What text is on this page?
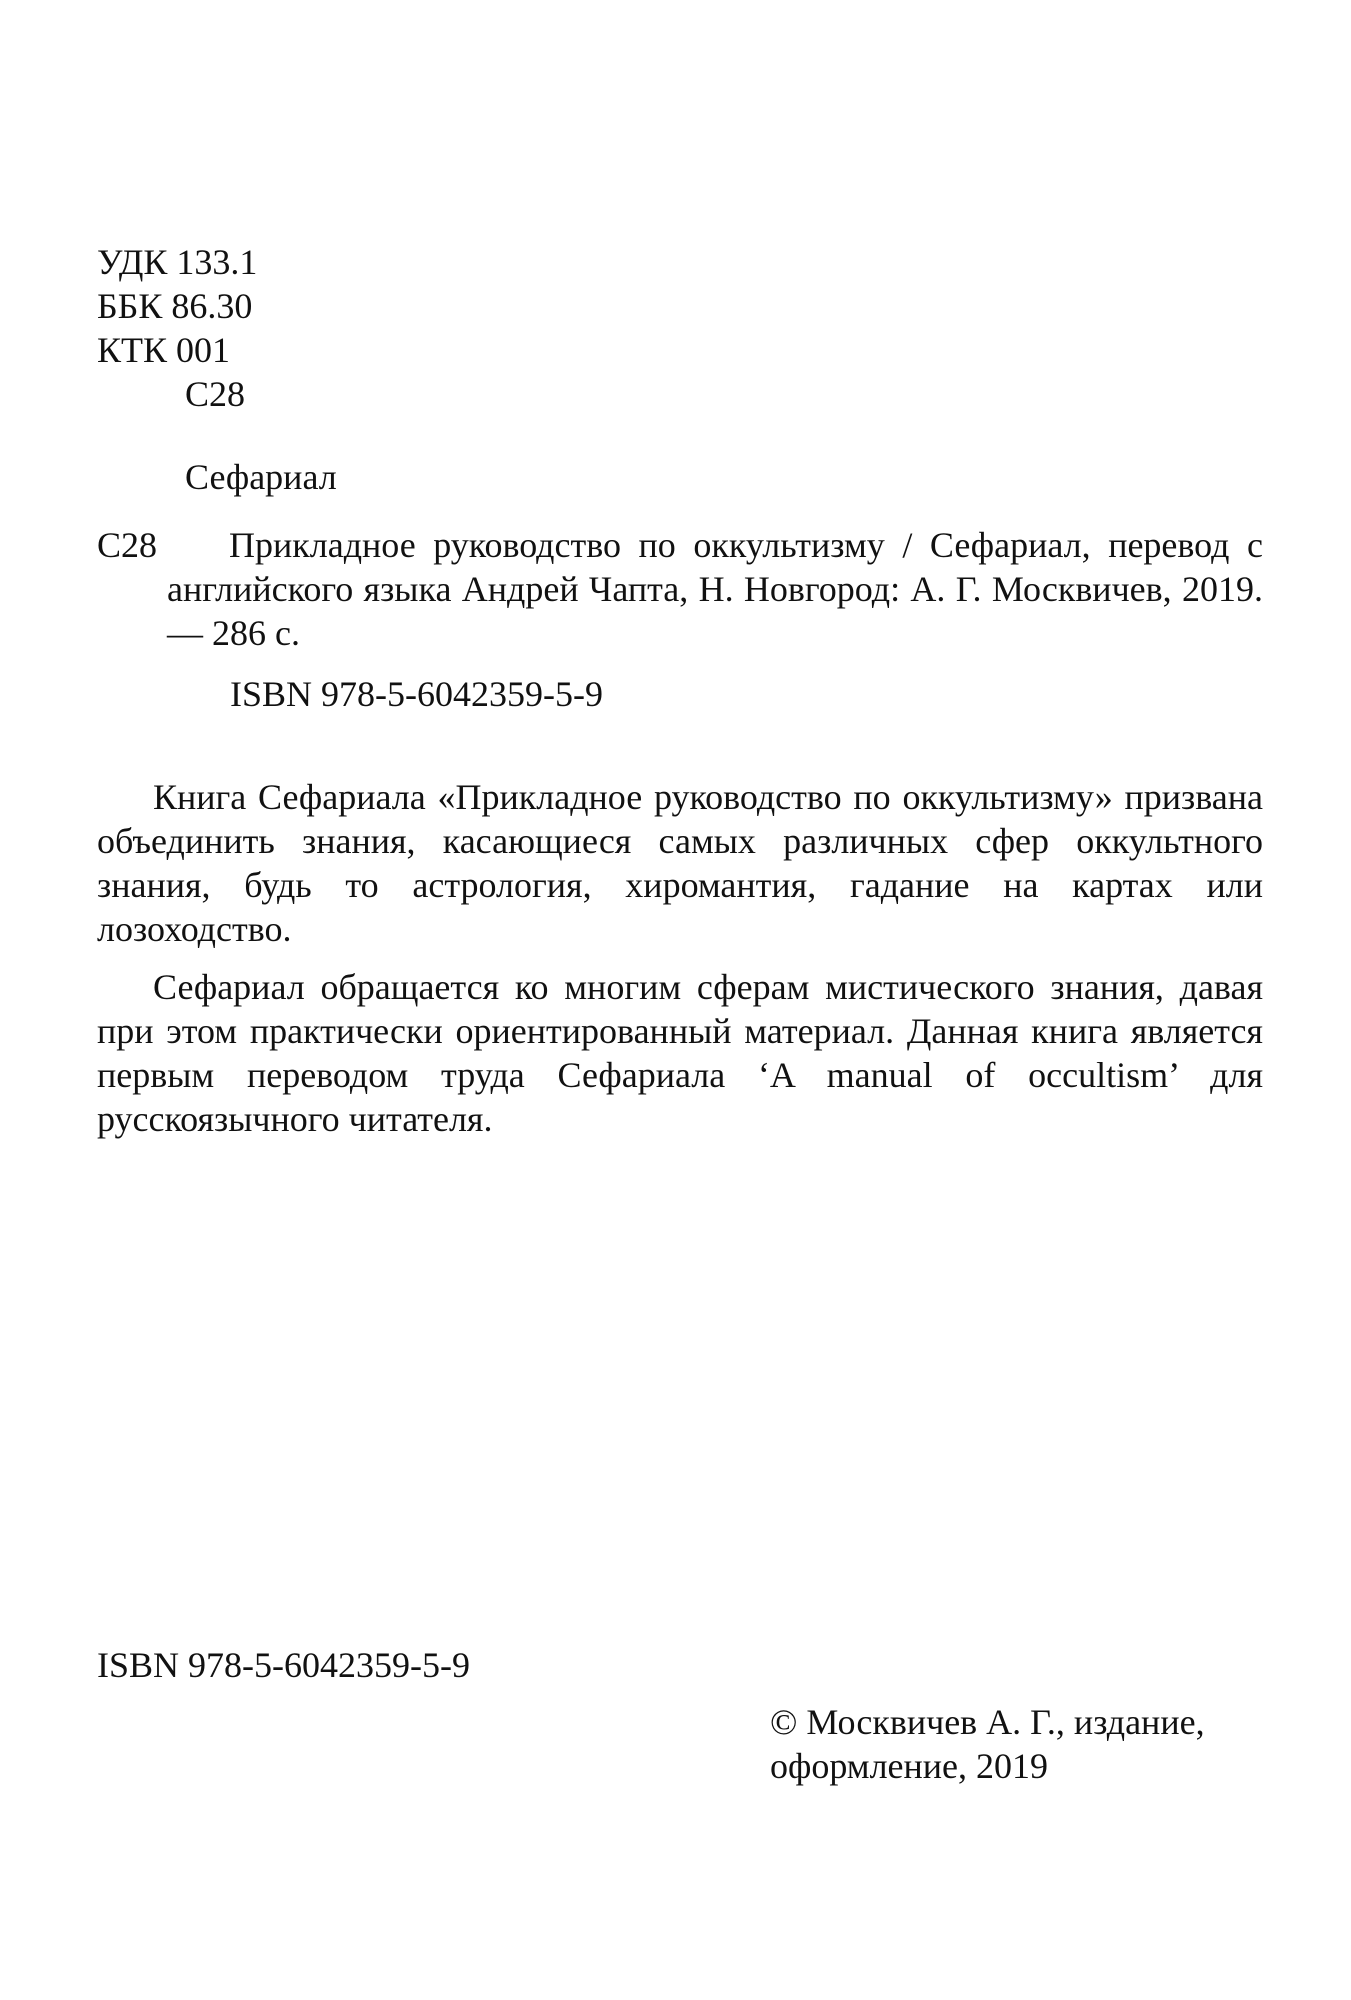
УДК 133.1
ББК 86.30
КТК 001
С28
Сефариал
С28	Прикладное руководство по оккультизму / Сефариал, перевод с английского языка Андрей Чапта, Н. Новгород: А. Г. Москвичев, 2019. — 286 с.
ISBN 978-5-6042359-5-9

Книга Сефариала «Прикладное руководство по оккультизму» призвана объединить знания, касающиеся самых различных сфер оккультного знания, будь то астрология, хиромантия, гадание на картах или лозоходство.

Сефариал обращается ко многим сферам мистического знания, давая при этом практически ориентированный материал. Данная книга является первым переводом труда Сефариала ‘A manual of occultism’ для русскоязычного читателя.

ISBN 978-5-6042359-5-9
© Москвичев А. Г., издание,
оформление, 2019
